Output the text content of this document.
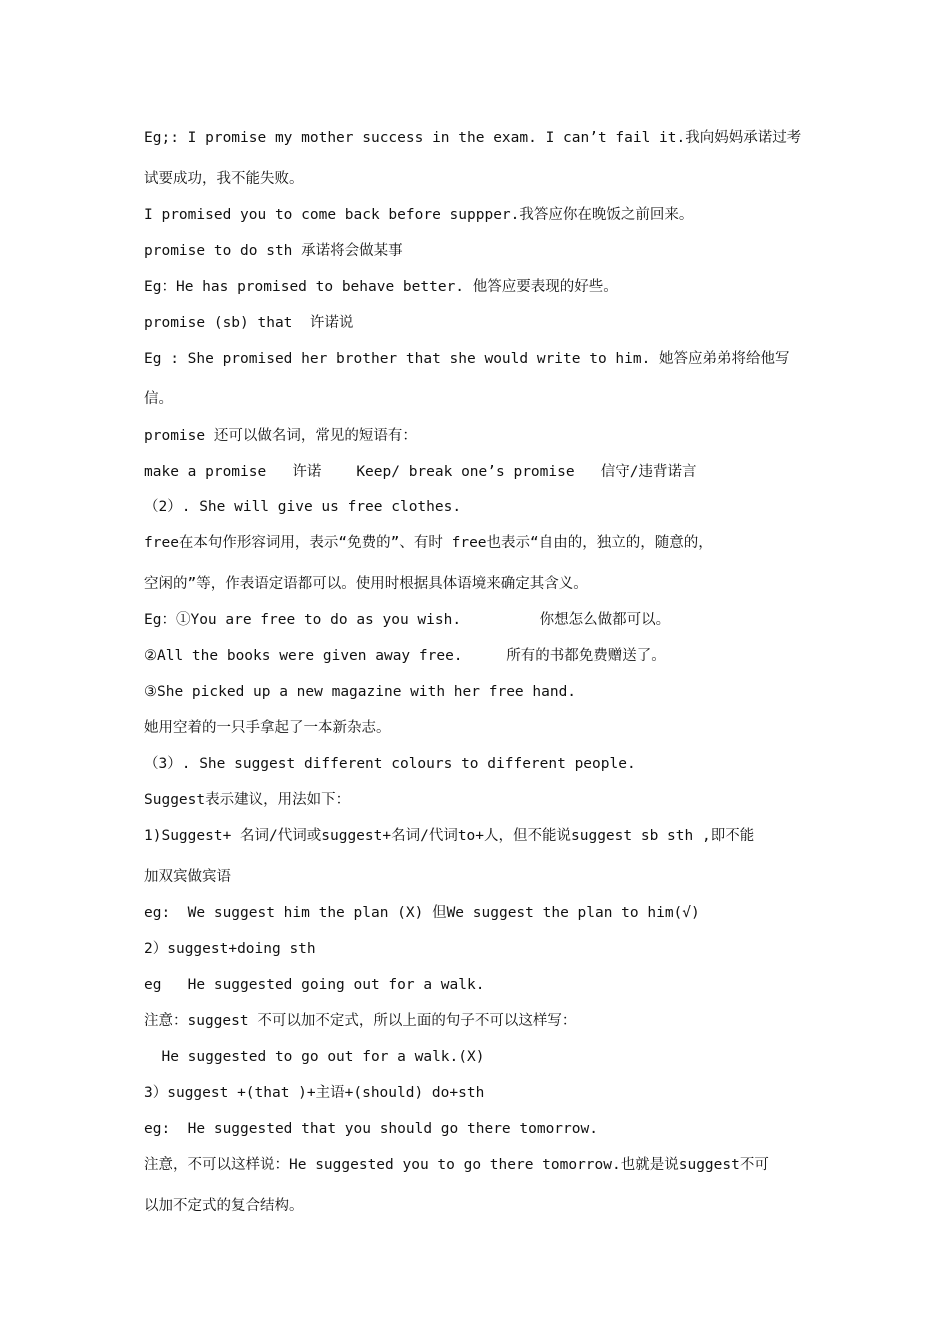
Eg;: I promise my mother success in the exam. I can’t fail it.我向妈妈承诺过考
试要成功，我不能失败。
I promised you to come back before suppper.我答应你在晚饭之前回来。
promise to do sth 承诺将会做某事
Eg：He has promised to behave better. 他答应要表现的好些。
promise (sb) that  许诺说
Eg : She promised her brother that she would write to him. 她答应弟弟将给他写
信。
promise 还可以做名词，常见的短语有：
make a promise   许诺    Keep/ break one’s promise   信守/违背诺言
（2）. She will give us free clothes.
free在本句作形容词用，表示“免费的”、有时 free也表示“自由的，独立的，随意的，
空闲的”等，作表语定语都可以。使用时根据具体语境来确定其含义。
Eg：①You are free to do as you wish.         你想怎么做都可以。
②All the books were given away free.     所有的书都免费赠送了。
③She picked up a new magazine with her free hand.
她用空着的一只手拿起了一本新杂志。
（3）. She suggest different colours to different people.
Suggest表示建议，用法如下：
1)Suggest+ 名词/代词或suggest+名词/代词to+人，但不能说suggest sb sth ,即不能
加双宾做宾语
eg:  We suggest him the plan (X) 但We suggest the plan to him(√)
2）suggest+doing sth
eg   He suggested going out for a walk.
注意：suggest 不可以加不定式，所以上面的句子不可以这样写：
He suggested to go out for a walk.(X)
3）suggest +(that )+主语+(should) do+sth
eg:  He suggested that you should go there tomorrow.
注意，不可以这样说：He suggested you to go there tomorrow.也就是说suggest不可
以加不定式的复合结构。
